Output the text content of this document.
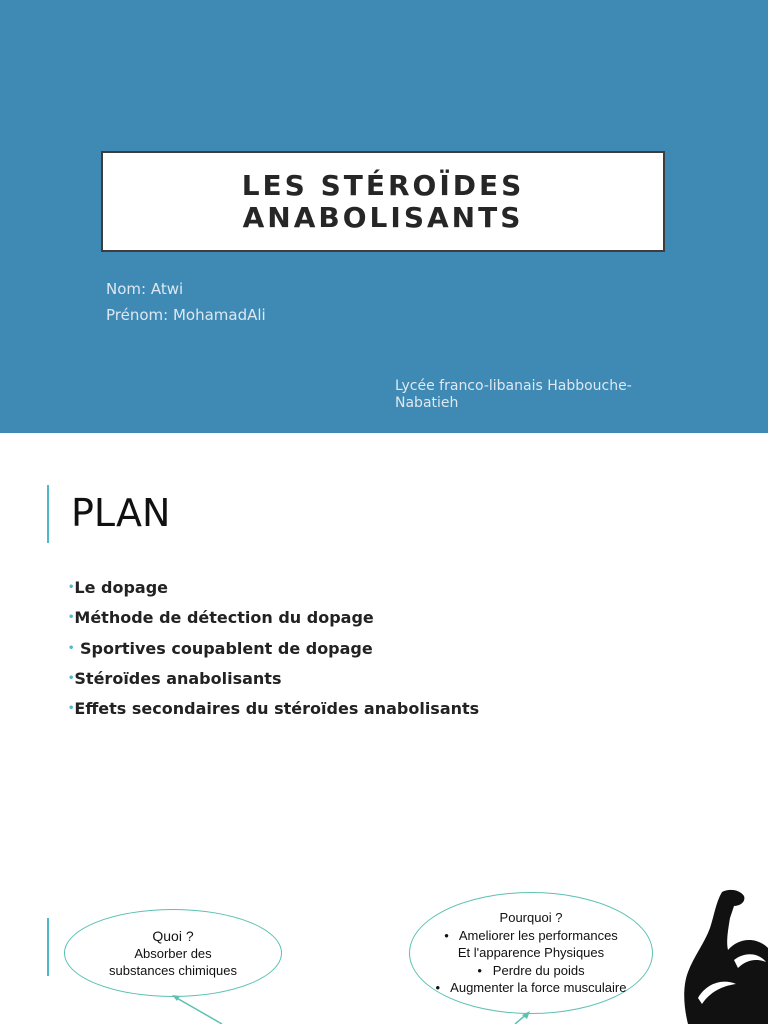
LES STÉROÏDES
ANABOLISANTS
Nom: Atwi
Prénom: MohamadAli
Lycée franco-libanais Habbouche-Nabatieh
PLAN
•Le dopage
•Méthode de détection du dopage
• Sportives coupablent de dopage
•Stéroïdes anabolisants
•Effets secondaires du stéroïdes anabolisants
Quoi ?
Absorber des
substances chimiques
Pourquoi ?
•   Ameliorer les performances
Et l'apparence Physiques
•   Perdre du poids
•   Augmenter la force musculaire
